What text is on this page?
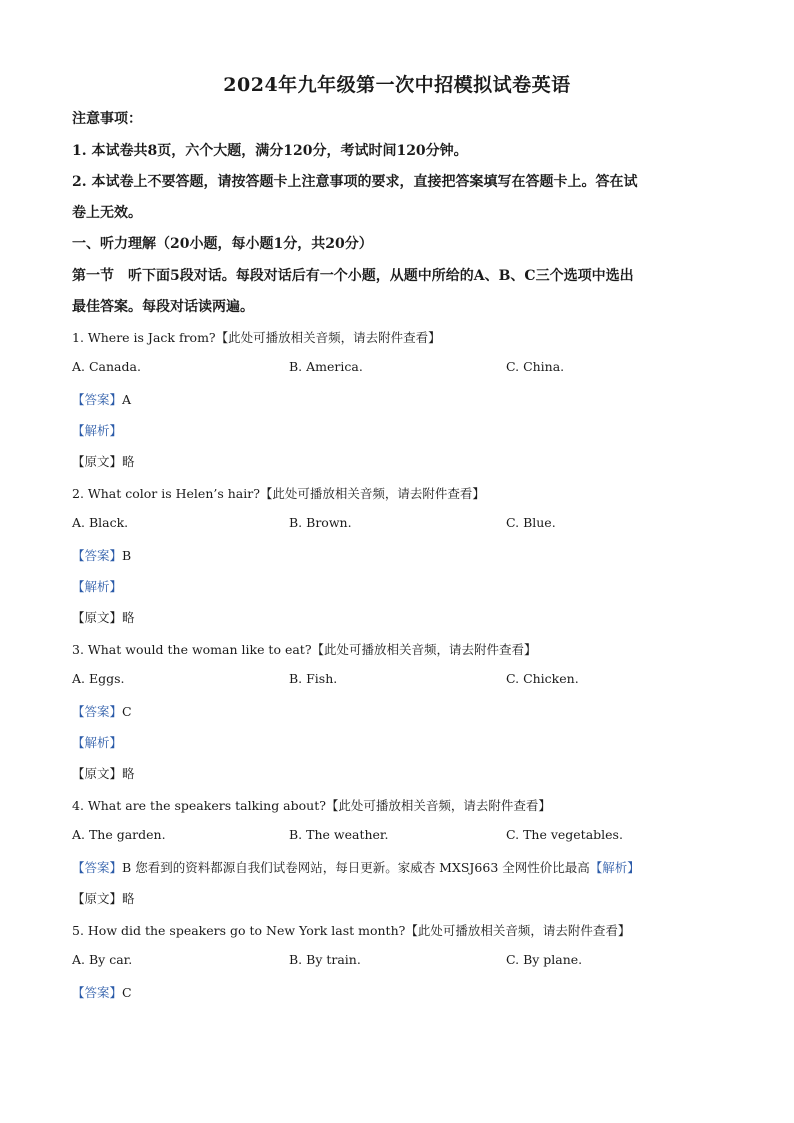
2024年九年级第一次中招模拟试卷英语
注意事项：
1. 本试卷共8页，六个大题，满分120分，考试时间120分钟。
2. 本试卷上不要答题，请按答题卡上注意事项的要求，直接把答案填写在答题卡上。答在试
卷上无效。
一、听力理解（20小题，每小题1分，共20分）
第一节　听下面5段对话。每段对话后有一个小题，从题中所给的A、B、C三个选项中选出
最佳答案。每段对话读两遍。
1. Where is Jack from?【此处可播放相关音频，请去附件查看】
A. Canada.	B. America.	C. China.
【答案】A
【解析】
【原文】略
2. What color is Helen’s hair?【此处可播放相关音频，请去附件查看】
A. Black.	B. Brown.	C. Blue.
【答案】B
【解析】
【原文】略
3. What would the woman like to eat?【此处可播放相关音频，请去附件查看】
A. Eggs.	B. Fish.	C. Chicken.
【答案】C
【解析】
【原文】略
4. What are the speakers talking about?【此处可播放相关音频，请去附件查看】
A. The garden.	B. The weather.	C. The vegetables.
【答案】B 您看到的资料都源自我们试卷网站，每日更新。家威杏 MXSJ663 全网性价比最高【解析】
【原文】略
5. How did the speakers go to New York last month?【此处可播放相关音频，请去附件查看】
A. By car.	B. By train.	C. By plane.
【答案】C
